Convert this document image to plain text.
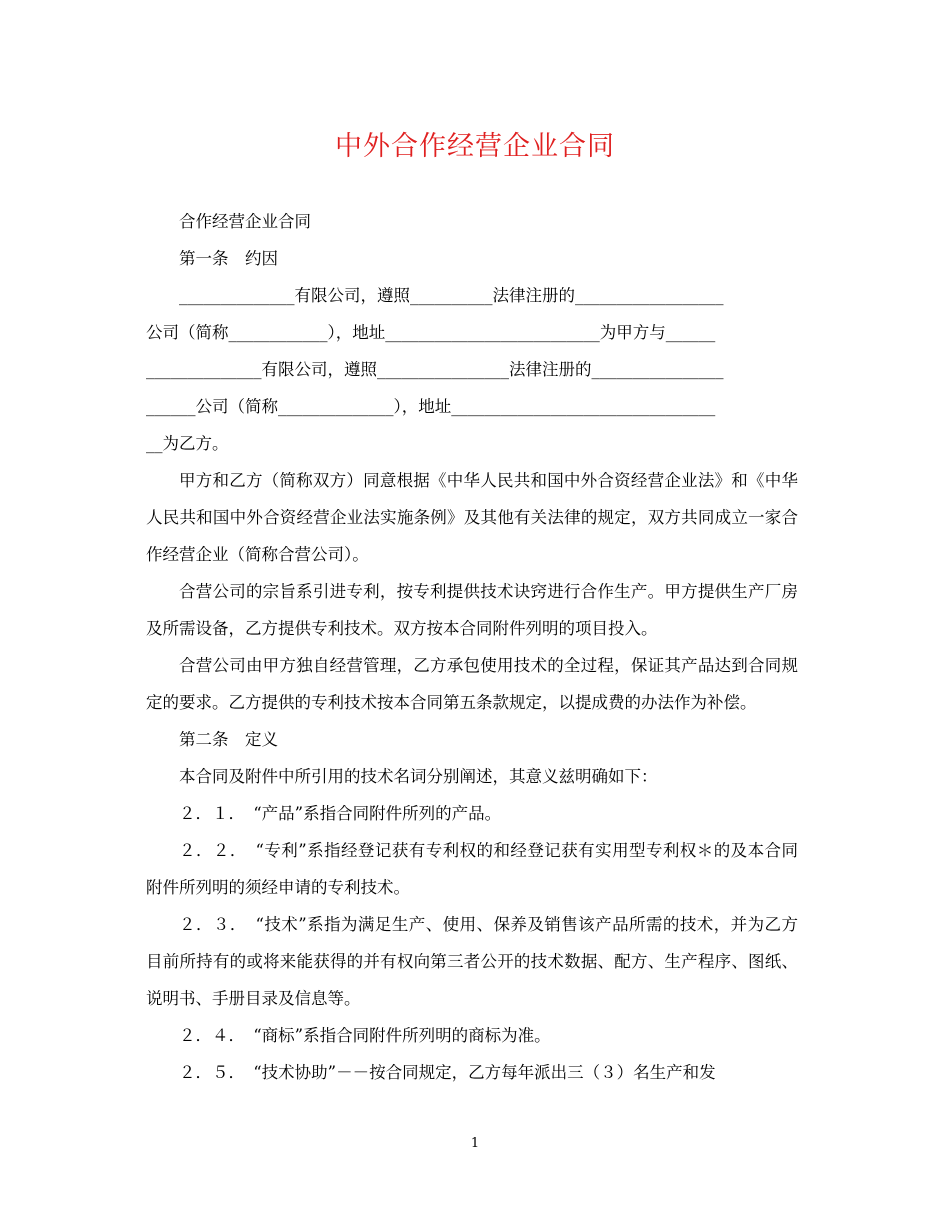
中外合作经营企业合同

合作经营企业合同

第一条　约因

______________有限公司，遵照__________法律注册的__________________

公司（简称____________），地址__________________________为甲方与______

______________有限公司，遵照________________法律注册的________________

______公司（简称______________），地址________________________________

__为乙方。

甲方和乙方（简称双方）同意根据《中华人民共和国中外合资经营企业法》和《中华人民共和国中外合资经营企业法实施条例》及其他有关法律的规定，双方共同成立一家合作经营企业（简称合营公司）。

合营公司的宗旨系引进专利，按专利提供技术诀窍进行合作生产。甲方提供生产厂房及所需设备，乙方提供专利技术。双方按本合同附件列明的项目投入。

合营公司由甲方独自经营管理，乙方承包使用技术的全过程，保证其产品达到合同规定的要求。乙方提供的专利技术按本合同第五条款规定，以提成费的办法作为补偿。

第二条　定义

本合同及附件中所引用的技术名词分别阐述，其意义兹明确如下：

２．１．　“产品”系指合同附件所列的产品。

２．２．　“专利”系指经登记获有专利权的和经登记获有实用型专利权＊的及本合同附件所列明的须经申请的专利技术。

２．３．　“技术”系指为满足生产、使用、保养及销售该产品所需的技术，并为乙方目前所持有的或将来能获得的并有权向第三者公开的技术数据、配方、生产程序、图纸、说明书、手册目录及信息等。

２．４．　“商标”系指合同附件所列明的商标为准。

２．５．　“技术协助”－－按合同规定，乙方每年派出三（３）名生产和发

1
